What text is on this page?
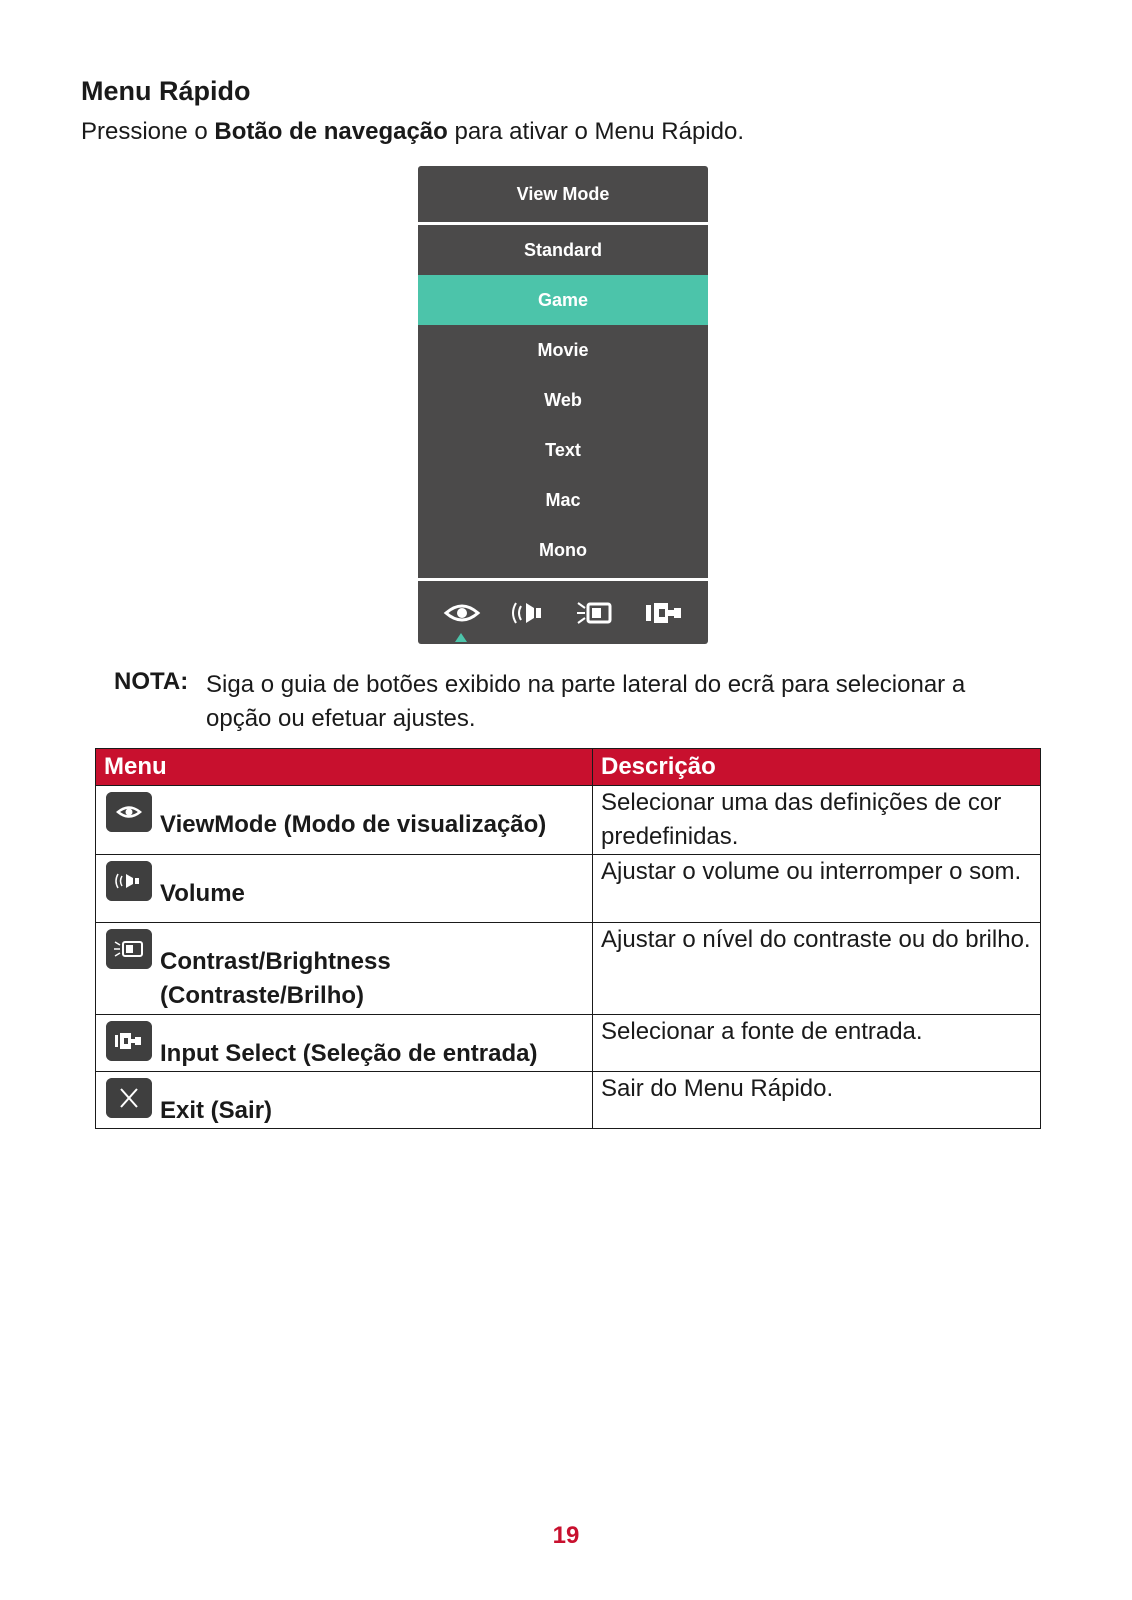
Menu Rápido
Pressione o Botão de navegação para ativar o Menu Rápido.
View Mode
Standard
Game
Movie
Web
Text
Mac
Mono
NOTA: Siga o guia de botões exibido na parte lateral do ecrã para selecionar a opção ou efetuar ajustes.
Menu	Descrição

ViewMode (Modo de visualização)	Selecionar uma das definições de cor predefinidas.

Volume	Ajustar o volume ou interromper o som.

Contrast/Brightness (Contraste/Brilho)	Ajustar o nível do contraste ou do brilho.

Input Select (Seleção de entrada)	Selecionar a fonte de entrada.

Exit (Sair)	Sair do Menu Rápido.
19
